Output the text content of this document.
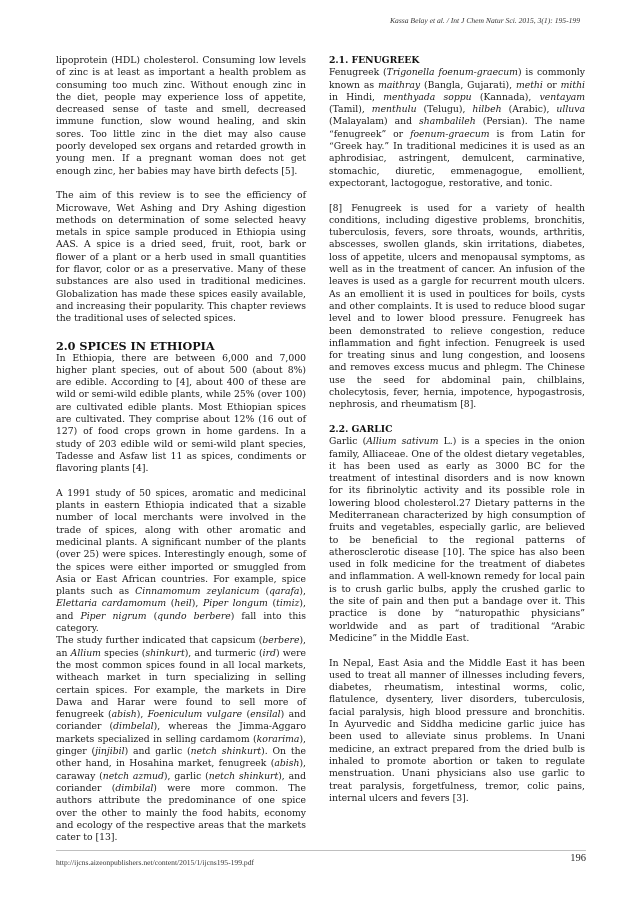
Kassa Belay et al. / Int J Chem Natur Sci. 2015, 3(1): 195-199

lipoprotein (HDL) cholesterol. Consuming low levels of zinc is at least as important a health problem as consuming too much zinc. Without enough zinc in the diet, people may experience loss of appetite, decreased sense of taste and smell, decreased immune function, slow wound healing, and skin sores. Too little zinc in the diet may also cause poorly developed sex organs and retarded growth in young men. If a pregnant woman does not get enough zinc, her babies may have birth defects [5].

The aim of this review is to see the efficiency of Microwave, Wet Ashing and Dry Ashing digestion methods on determination of some selected heavy metals in spice sample produced in Ethiopia using AAS. A spice is a dried seed, fruit, root, bark or flower of a plant or a herb used in small quantities for flavor, color or as a preservative. Many of these substances are also used in traditional medicines. Globalization has made these spices easily available, and increasing their popularity. This chapter reviews the traditional uses of selected spices.

2.0 SPICES IN ETHIOPIA

In Ethiopia, there are between 6,000 and 7,000 higher plant species, out of about 500 (about 8%) are edible. According to [4], about 400 of these are wild or semi-wild edible plants, while 25% (over 100) are cultivated edible plants. Most Ethiopian spices are cultivated. They comprise about 12% (16 out of 127) of food crops grown in home gardens. In a study of 203 edible wild or semi-wild plant species, Tadesse and Asfaw list 11 as spices, condiments or flavoring plants [4].

A 1991 study of 50 spices, aromatic and medicinal plants in eastern Ethiopia indicated that a sizable number of local merchants were involved in the trade of spices, along with other aromatic and medicinal plants. A significant number of the plants (over 25) were spices. Interestingly enough, some of the spices were either imported or smuggled from Asia or East African countries. For example, spice plants such as Cinnamomum zeylanicum (qarafa), Elettaria cardamomum (heil), Piper longum (timiz), and Piper nigrum (qundo berbere) fall into this category.

The study further indicated that capsicum (berbere), an Allium species (shinkurt), and turmeric (ird) were the most common spices found in all local markets, witheach market in turn specializing in selling certain spices. For example, the markets in Dire Dawa and Harar were found to sell more of fenugreek (abish), Foeniculum vulgare (ensilal) and coriander (dimbelal), whereas the Jimma-Aggaro markets specialized in selling cardamom (korarima), ginger (jinjibil) and garlic (netch shinkurt). On the other hand, in Hosahina market, fenugreek (abish), caraway (netch azmud), garlic (netch shinkurt), and coriander (dimbilal) were more common. The authors attribute the predominance of one spice over the other to mainly the food habits, economy and ecology of the respective areas that the markets cater to [13].

2.1. FENUGREEK

Fenugreek (Trigonella foenum-graecum) is commonly known as maithray (Bangla, Gujarati), methi or mithi in Hindi, menthyada soppu (Kannada), ventayam (Tamil), menthulu (Telugu), hilbeh (Arabic), ulluva (Malayalam) and shambalileh (Persian). The name “fenugreek” or foenum-graecum is from Latin for “Greek hay.” In traditional medicines it is used as an aphrodisiac, astringent, demulcent, carminative, stomachic, diuretic, emmenagogue, emollient, expectorant, lactogogue, restorative, and tonic.

[8] Fenugreek is used for a variety of health conditions, including digestive problems, bronchitis, tuberculosis, fevers, sore throats, wounds, arthritis, abscesses, swollen glands, skin irritations, diabetes, loss of appetite, ulcers and menopausal symptoms, as well as in the treatment of cancer. An infusion of the leaves is used as a gargle for recurrent mouth ulcers. As an emollient it is used in poultices for boils, cysts and other complaints. It is used to reduce blood sugar level and to lower blood pressure. Fenugreek has been demonstrated to relieve congestion, reduce inflammation and fight infection. Fenugreek is used for treating sinus and lung congestion, and loosens and removes excess mucus and phlegm. The Chinese use the seed for abdominal pain, chilblains, cholecytosis, fever, hernia, impotence, hypogastrosis, nephrosis, and rheumatism [8].

2.2. GARLIC

Garlic (Allium sativum L.) is a species in the onion family, Alliaceae. One of the oldest dietary vegetables, it has been used as early as 3000 BC for the treatment of intestinal disorders and is now known for its fibrinolytic activity and its possible role in lowering blood cholesterol.27 Dietary patterns in the Mediterranean characterized by high consumption of fruits and vegetables, especially garlic, are believed to be beneficial to the regional patterns of atherosclerotic disease [10]. The spice has also been used in folk medicine for the treatment of diabetes and inflammation. A well-known remedy for local pain is to crush garlic bulbs, apply the crushed garlic to the site of pain and then put a bandage over it. This practice is done by “naturopathic physicians” worldwide and as part of traditional “Arabic Medicine” in the Middle East.

In Nepal, East Asia and the Middle East it has been used to treat all manner of illnesses including fevers, diabetes, rheumatism, intestinal worms, colic, flatulence, dysentery, liver disorders, tuberculosis, facial paralysis, high blood pressure and bronchitis. In Ayurvedic and Siddha medicine garlic juice has been used to alleviate sinus problems. In Unani medicine, an extract prepared from the dried bulb is inhaled to promote abortion or taken to regulate menstruation. Unani physicians also use garlic to treat paralysis, forgetfulness, tremor, colic pains, internal ulcers and fevers [3].

http://ijcns.aizeonpublishers.net/content/2015/1/ijcns195-199.pdf	196
